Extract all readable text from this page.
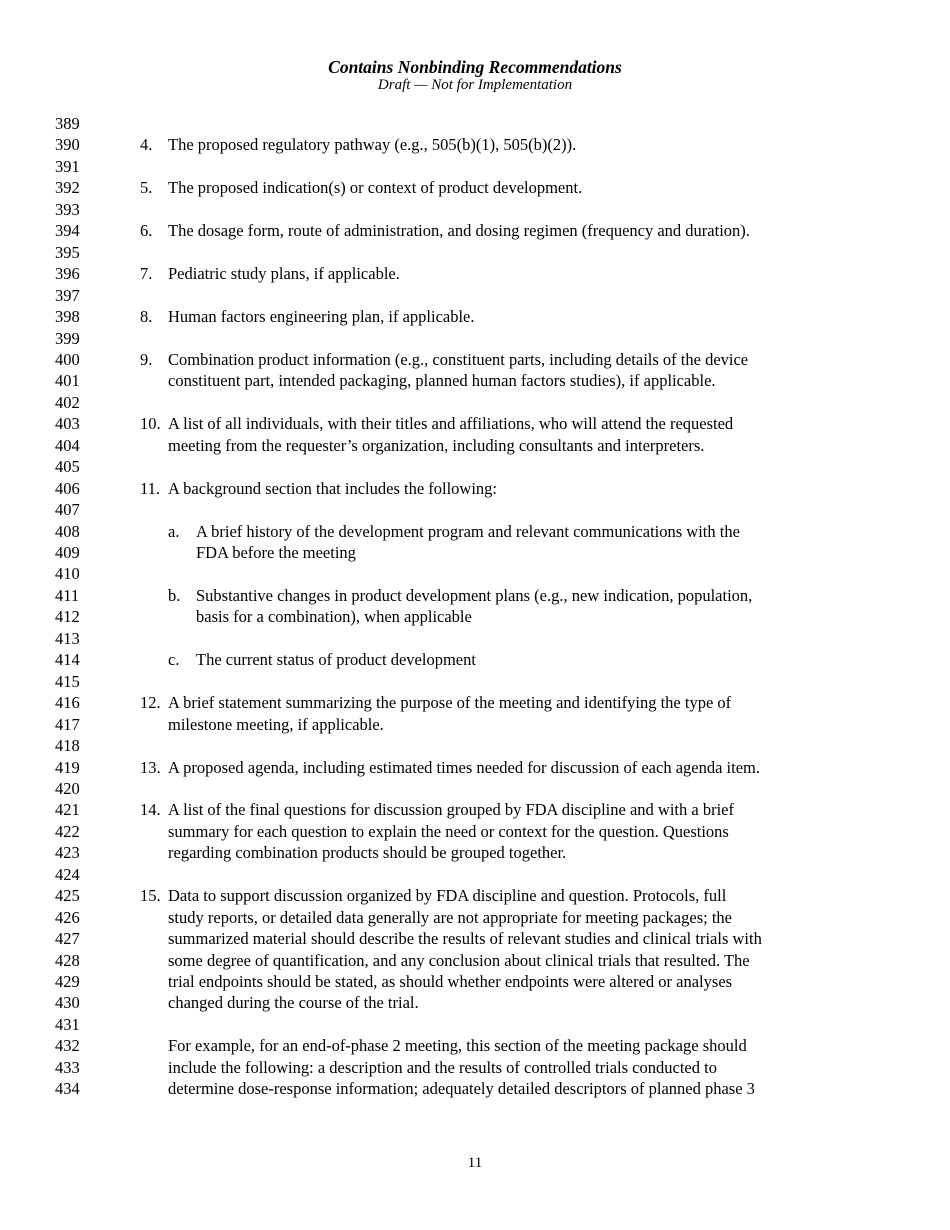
Contains Nonbinding Recommendations
Draft — Not for Implementation
389
390
391
392
393
394
395
396
397
398
399
400
401
402
403
404
405
406
407
408
409
410
411
412
413
414
415
416
417
418
419
420
421
422
423
424
425
426
427
428
429
430
431
432
433
434
4. The proposed regulatory pathway (e.g., 505(b)(1), 505(b)(2)).
5. The proposed indication(s) or context of product development.
6. The dosage form, route of administration, and dosing regimen (frequency and duration).
7. Pediatric study plans, if applicable.
8. Human factors engineering plan, if applicable.
9. Combination product information (e.g., constituent parts, including details of the device
constituent part, intended packaging, planned human factors studies), if applicable.
10. A list of all individuals, with their titles and affiliations, who will attend the requested
meeting from the requester’s organization, including consultants and interpreters.
11. A background section that includes the following:
a. A brief history of the development program and relevant communications with the
FDA before the meeting
b. Substantive changes in product development plans (e.g., new indication, population,
basis for a combination), when applicable
c. The current status of product development
12. A brief statement summarizing the purpose of the meeting and identifying the type of
milestone meeting, if applicable.
13. A proposed agenda, including estimated times needed for discussion of each agenda item.
14. A list of the final questions for discussion grouped by FDA discipline and with a brief
summary for each question to explain the need or context for the question. Questions
regarding combination products should be grouped together.
15. Data to support discussion organized by FDA discipline and question. Protocols, full
study reports, or detailed data generally are not appropriate for meeting packages; the
summarized material should describe the results of relevant studies and clinical trials with
some degree of quantification, and any conclusion about clinical trials that resulted. The
trial endpoints should be stated, as should whether endpoints were altered or analyses
changed during the course of the trial.
For example, for an end-of-phase 2 meeting, this section of the meeting package should
include the following: a description and the results of controlled trials conducted to
determine dose-response information; adequately detailed descriptors of planned phase 3
11
